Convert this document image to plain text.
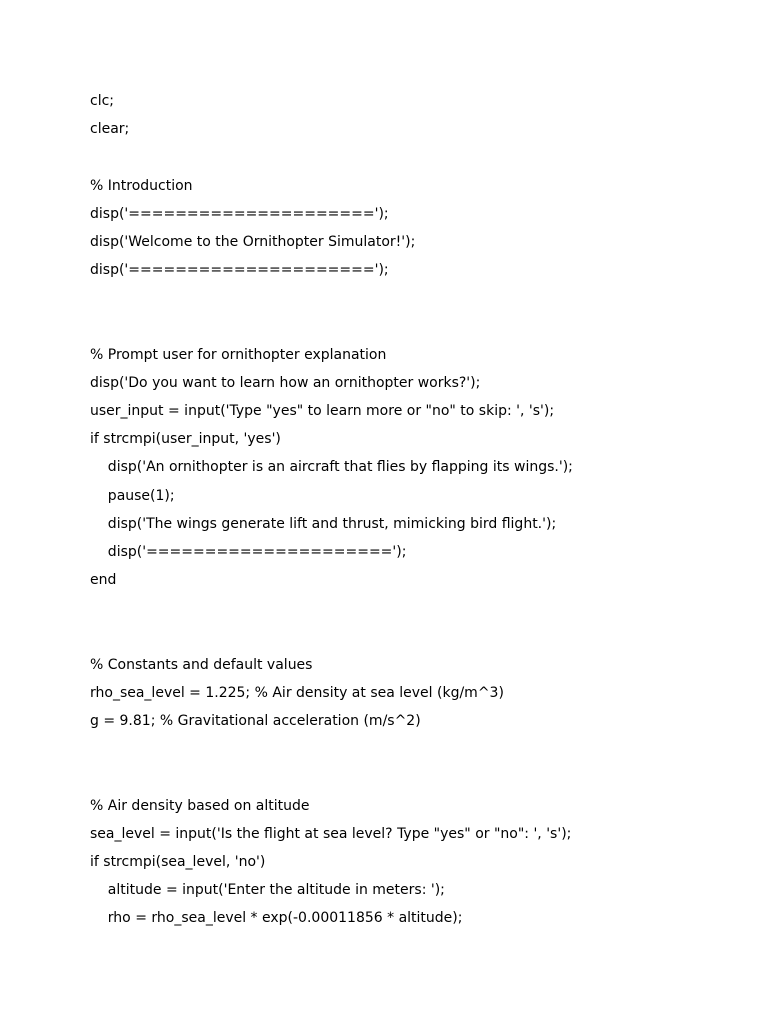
clc;
clear;
% Introduction
disp('=====================');
disp('Welcome to the Ornithopter Simulator!');
disp('=====================');
% Prompt user for ornithopter explanation
disp('Do you want to learn how an ornithopter works?');
user_input = input('Type "yes" to learn more or "no" to skip: ', 's');
if strcmpi(user_input, 'yes')
disp('An ornithopter is an aircraft that flies by flapping its wings.');
pause(1);
disp('The wings generate lift and thrust, mimicking bird flight.');
disp('=====================');
end
% Constants and default values
rho_sea_level = 1.225; % Air density at sea level (kg/m^3)
g = 9.81; % Gravitational acceleration (m/s^2)
% Air density based on altitude
sea_level = input('Is the flight at sea level? Type "yes" or "no": ', 's');
if strcmpi(sea_level, 'no')
altitude = input('Enter the altitude in meters: ');
rho = rho_sea_level * exp(-0.00011856 * altitude);
